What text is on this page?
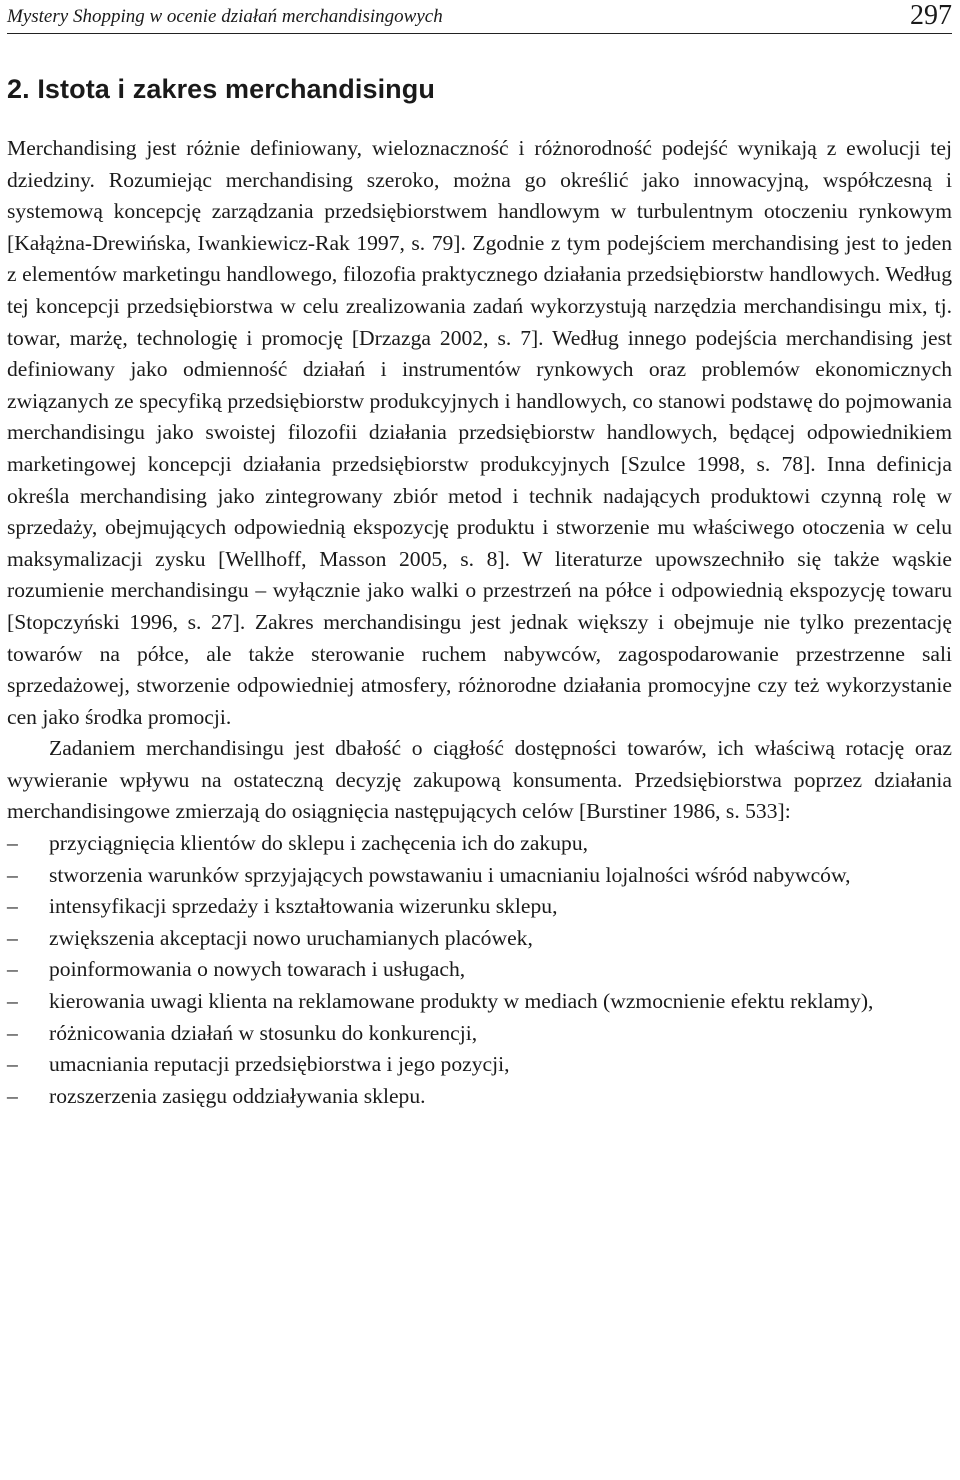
Mystery Shopping w ocenie działań merchandisingowych	297
2. Istota i zakres merchandisingu

Merchandising jest różnie definiowany, wieloznaczność i różnorodność podejść wynikają z ewolucji tej dziedziny. Rozumiejąc merchandising szeroko, można go określić jako innowacyjną, współczesną i systemową koncepcję zarządzania przedsiębiorstwem handlowym w turbulentnym otoczeniu rynkowym [Kałążna-Drewińska, Iwankiewicz-Rak 1997, s. 79]. Zgodnie z tym podejściem merchandising jest to jeden z elementów marketingu handlowego, filozofia praktycznego działania przedsiębiorstw handlowych. Według tej koncepcji przedsiębiorstwa w celu zrealizowania zadań wykorzystują narzędzia merchandisingu mix, tj. towar, marżę, technologię i promocję [Drzazga 2002, s. 7]. Według innego podejścia merchandising jest definiowany jako odmienność działań i instrumentów rynkowych oraz problemów ekonomicznych związanych ze specyfiką przedsiębiorstw produkcyjnych i handlowych, co stanowi podstawę do pojmowania merchandisingu jako swoistej filozofii działania przedsiębiorstw handlowych, będącej odpowiednikiem marketingowej koncepcji działania przedsiębiorstw produkcyjnych [Szulce 1998, s. 78]. Inna definicja określa merchandising jako zintegrowany zbiór metod i technik nadających produktowi czynną rolę w sprzedaży, obejmujących odpowiednią ekspozycję produktu i stworzenie mu właściwego otoczenia w celu maksymalizacji zysku [Wellhoff, Masson 2005, s. 8]. W literaturze upowszechniło się także wąskie rozumienie merchandisingu – wyłącznie jako walki o przestrzeń na półce i odpowiednią ekspozycję towaru [Stopczyński 1996, s. 27]. Zakres merchandisingu jest jednak większy i obejmuje nie tylko prezentację towarów na półce, ale także sterowanie ruchem nabywców, zagospodarowanie przestrzenne sali sprzedażowej, stworzenie odpowiedniej atmosfery, różnorodne działania promocyjne czy też wykorzystanie cen jako środka promocji.

Zadaniem merchandisingu jest dbałość o ciągłość dostępności towarów, ich właściwą rotację oraz wywieranie wpływu na ostateczną decyzję zakupową konsumenta. Przedsiębiorstwa poprzez działania merchandisingowe zmierzają do osiągnięcia następujących celów [Burstiner 1986, s. 533]:

– przyciągnięcia klientów do sklepu i zachęcenia ich do zakupu,
– stworzenia warunków sprzyjających powstawaniu i umacnianiu lojalności wśród nabywców,
– intensyfikacji sprzedaży i kształtowania wizerunku sklepu,
– zwiększenia akceptacji nowo uruchamianych placówek,
– poinformowania o nowych towarach i usługach,
– kierowania uwagi klienta na reklamowane produkty w mediach (wzmocnienie efektu reklamy),
– różnicowania działań w stosunku do konkurencji,
– umacniania reputacji przedsiębiorstwa i jego pozycji,
– rozszerzenia zasięgu oddziaływania sklepu.
